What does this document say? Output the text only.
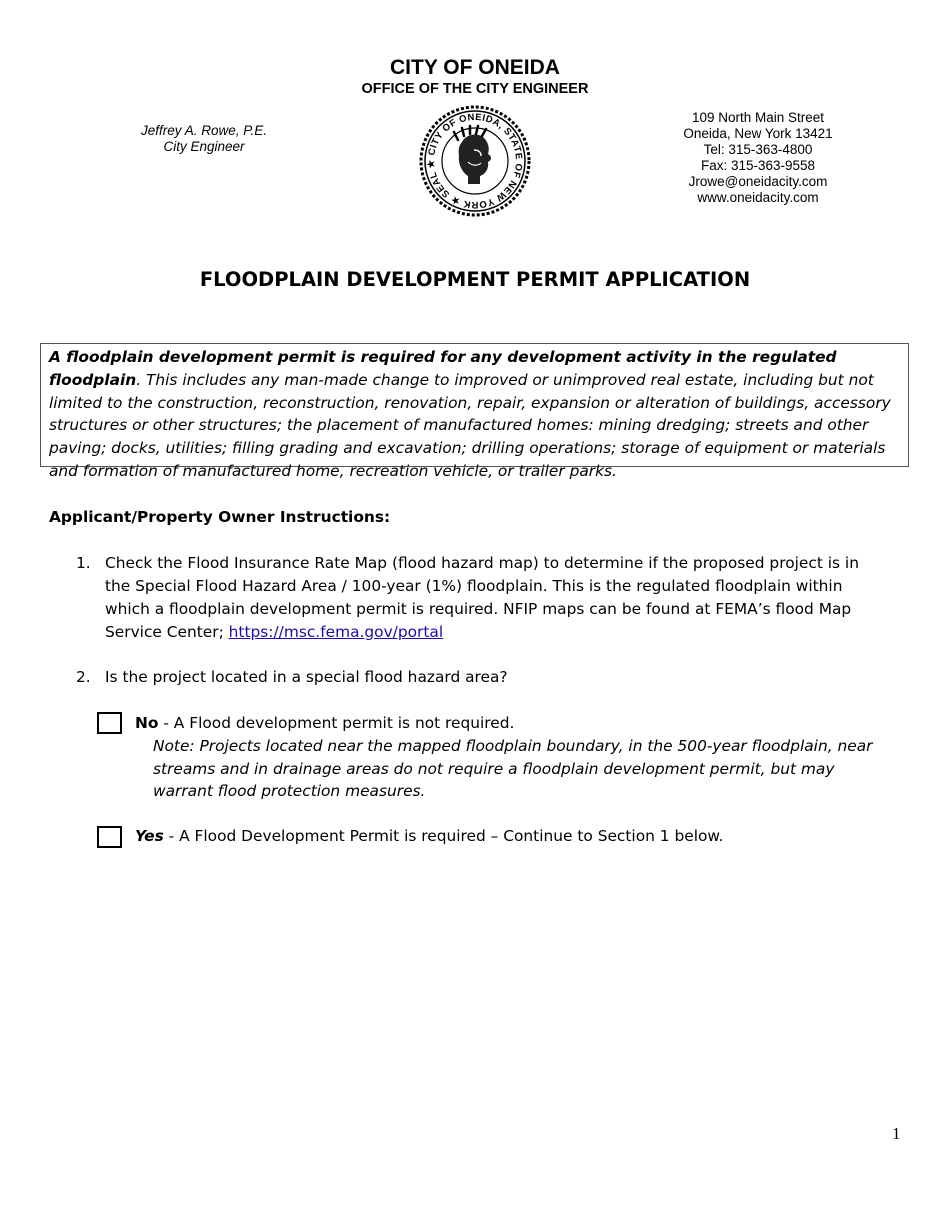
CITY OF ONEIDA
OFFICE OF THE CITY ENGINEER
Jeffrey A. Rowe, P.E.
City Engineer	CITY OF ONEIDA, STATE OF NEW YORK ★ SEAL ★
109 North Main Street
Oneida, New York 13421
Tel: 315-363-4800
Fax: 315-363-9558
Jrowe@oneidacity.com
www.oneidacity.com
FLOODPLAIN DEVELOPMENT PERMIT APPLICATION
A floodplain development permit is required for any development activity in the regulated floodplain. This includes any man-made change to improved or unimproved real estate, including but not limited to the construction, reconstruction, renovation, repair, expansion or alteration of buildings, accessory structures or other structures; the placement of manufactured homes: mining dredging; streets and other paving; docks, utilities; filling grading and excavation; drilling operations; storage of equipment or materials and formation of manufactured home, recreation vehicle, or trailer parks.
Applicant/Property Owner Instructions:
1. Check the Flood Insurance Rate Map (flood hazard map) to determine if the proposed project is in the Special Flood Hazard Area / 100-year (1%) floodplain. This is the regulated floodplain within which a floodplain development permit is required. NFIP maps can be found at FEMA’s flood Map Service Center; https://msc.fema.gov/portal
2. Is the project located in a special flood hazard area?
No - A Flood development permit is not required.
Note: Projects located near the mapped floodplain boundary, in the 500-year floodplain, near streams and in drainage areas do not require a floodplain development permit, but may warrant flood protection measures.
Yes - A Flood Development Permit is required – Continue to Section 1 below.
1
